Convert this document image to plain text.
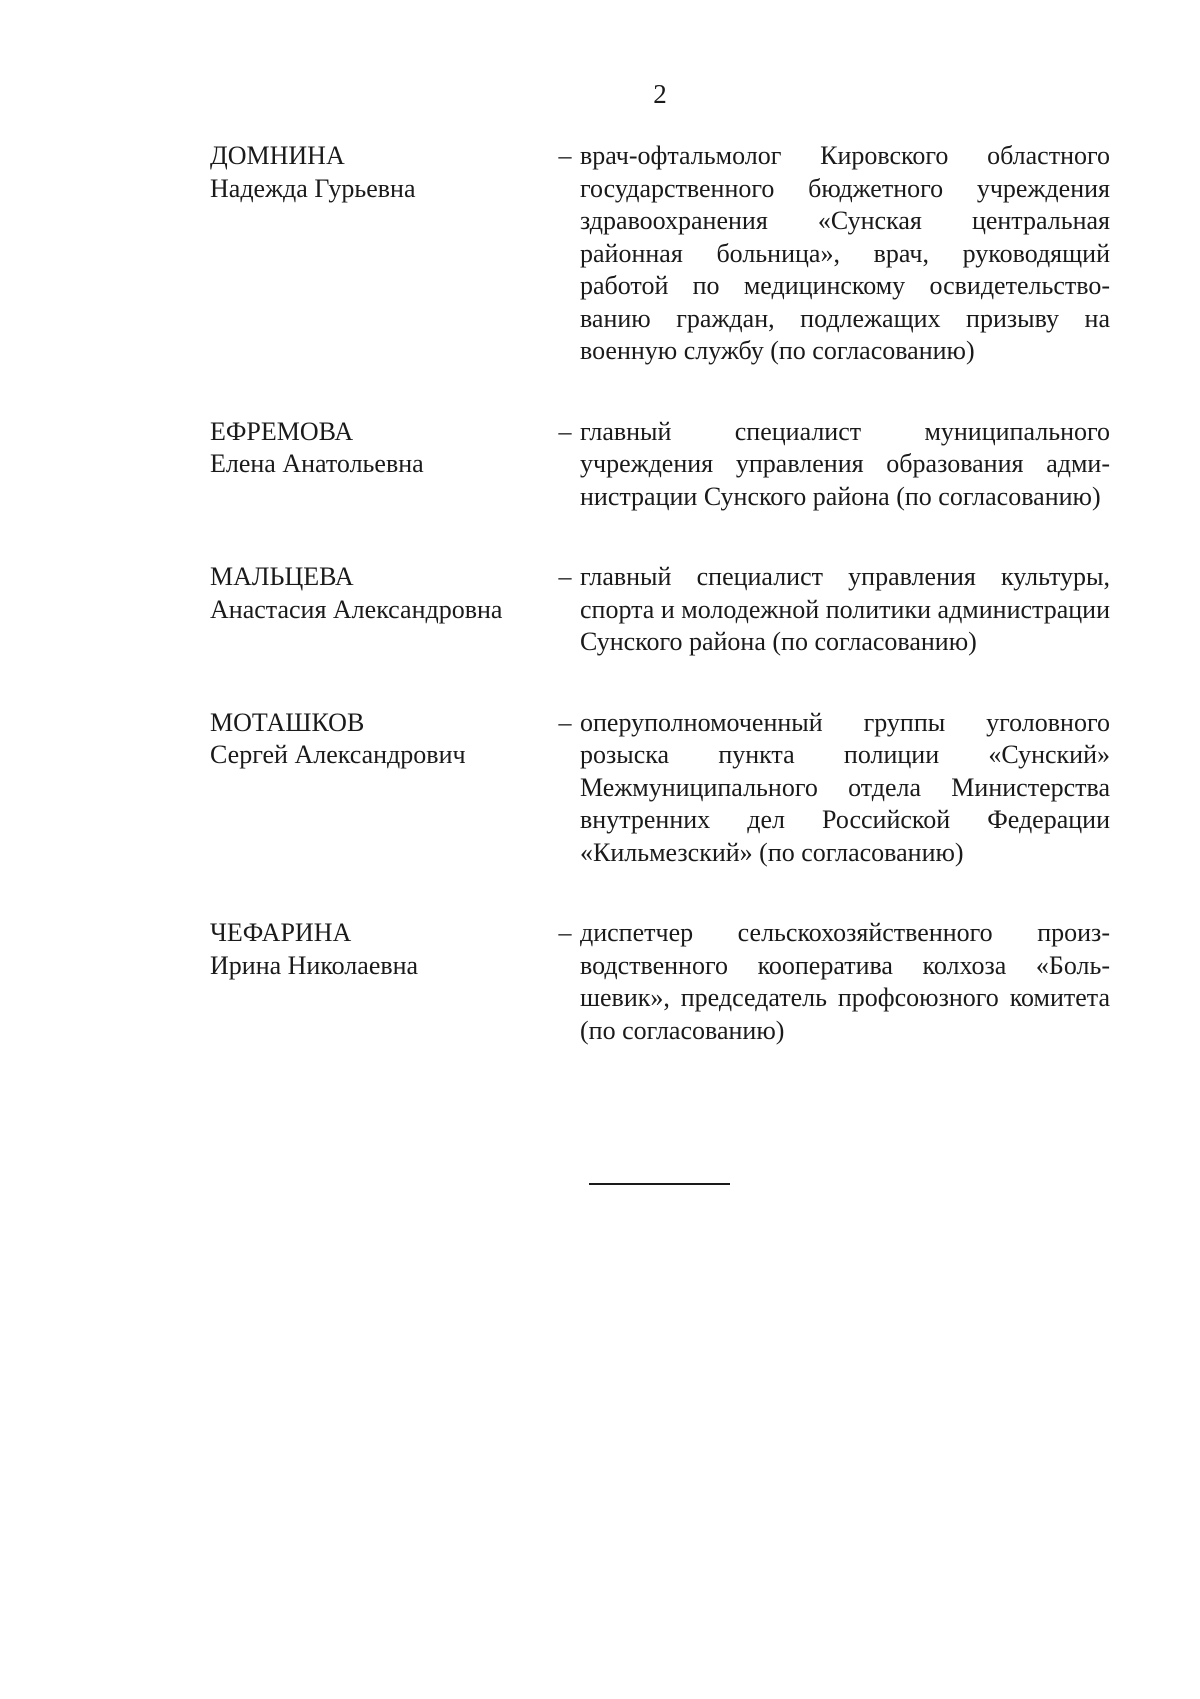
2
ДОМНИНА
Надежда Гурьевна
– врач-офтальмолог Кировского областного государственного бюджетного учреждения здравоохранения «Сунская центральная районная больница», врач, руководящий работой по медицинскому освидетельствованию граждан, подлежащих призыву на военную службу (по согласованию)
ЕФРЕМОВА
Елена Анатольевна
– главный специалист муниципального учреждения управления образования администрации Сунского района (по согласованию)
МАЛЬЦЕВА
Анастасия Александровна
– главный специалист управления культуры, спорта и молодежной политики администрации Сунского района (по согласованию)
МОТАШКОВ
Сергей Александрович
– оперуполномоченный группы уголовного розыска пункта полиции «Сунский» Межмуниципального отдела Министерства внутренних дел Российской Федерации «Кильмезский» (по согласованию)
ЧЕФАРИНА
Ирина Николаевна
– диспетчер сельскохозяйственного производственного кооператива колхоза «Большевик», председатель профсоюзного комитета (по согласованию)
